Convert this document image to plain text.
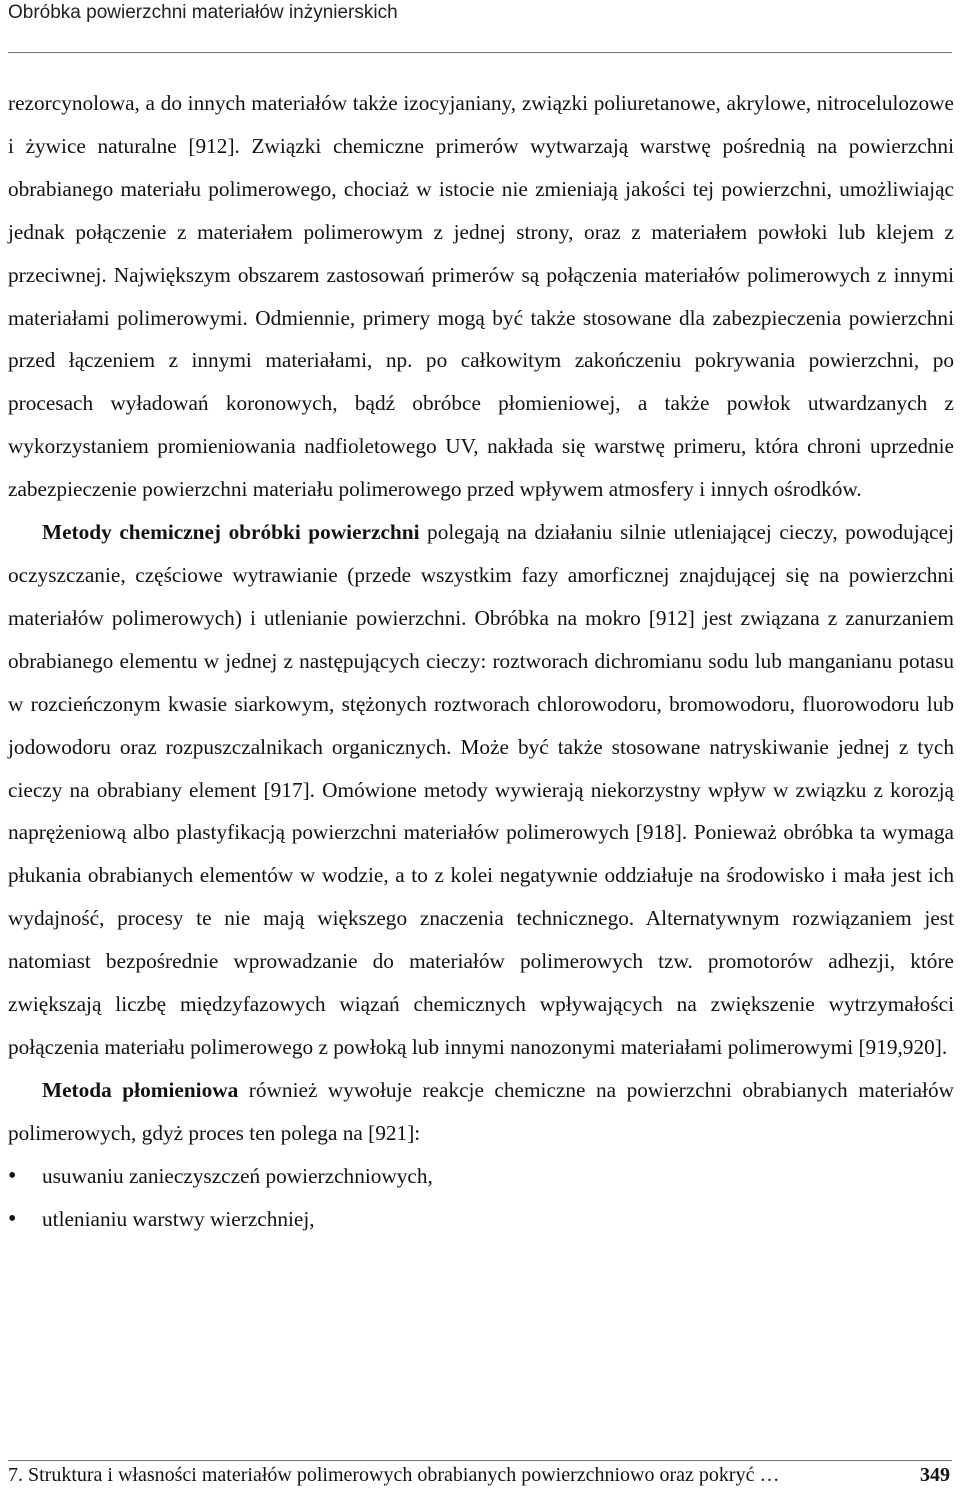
Obróbka powierzchni materiałów inżynierskich

rezorcynolowa, a do innych materiałów także izocyjaniany, związki poliuretanowe, akrylowe, nitrocelulozowe i żywice naturalne [912]. Związki chemiczne primerów wytwarzają warstwę pośrednią na powierzchni obrabianego materiału polimerowego, chociaż w istocie nie zmieniają jakości tej powierzchni, umożliwiając jednak połączenie z materiałem polimerowym z jednej strony, oraz z materiałem powłoki lub klejem z przeciwnej. Największym obszarem zastosowań primerów są połączenia materiałów polimerowych z innymi materiałami polimerowymi. Odmiennie, primery mogą być także stosowane dla zabezpieczenia powierzchni przed łączeniem z innymi materiałami, np. po całkowitym zakończeniu pokrywania powierzchni, po procesach wyładowań koronowych, bądź obróbce płomieniowej, a także powłok utwardzanych z wykorzystaniem promieniowania nadfioletowego UV, nakłada się warstwę primeru, która chroni uprzednie zabezpieczenie powierzchni materiału polimerowego przed wpływem atmosfery i innych ośrodków.

Metody chemicznej obróbki powierzchni polegają na działaniu silnie utleniającej cieczy, powodującej oczyszczanie, częściowe wytrawianie (przede wszystkim fazy amorficznej znajdującej się na powierzchni materiałów polimerowych) i utlenianie powierzchni. Obróbka na mokro [912] jest związana z zanurzaniem obrabianego elementu w jednej z następujących cieczy: roztworach dichromianu sodu lub manganianu potasu w rozcieńczonym kwasie siarkowym, stężonych roztworach chlorowodoru, bromowodoru, fluorowodoru lub jodowodoru oraz rozpuszczalnikach organicznych. Może być także stosowane natryskiwanie jednej z tych cieczy na obrabiany element [917]. Omówione metody wywierają niekorzystny wpływ w związku z korozją naprężeniową albo plastyfikacją powierzchni materiałów polimerowych [918]. Ponieważ obróbka ta wymaga płukania obrabianych elementów w wodzie, a to z kolei negatywnie oddziałuje na środowisko i mała jest ich wydajność, procesy te nie mają większego znaczenia technicznego. Alternatywnym rozwiązaniem jest natomiast bezpośrednie wprowadzanie do materiałów polimerowych tzw. promotorów adhezji, które zwiększają liczbę międzyfazowych wiązań chemicznych wpływających na zwiększenie wytrzymałości połączenia materiału polimerowego z powłoką lub innymi nanozonymi materiałami polimerowymi [919,920].

Metoda płomieniowa również wywołuje reakcje chemiczne na powierzchni obrabianych materiałów polimerowych, gdyż proces ten polega na [921]:

• usuwaniu zanieczyszczeń powierzchniowych,
• utlenianiu warstwy wierzchniej,
7. Struktura i własności materiałów polimerowych obrabianych powierzchniowo oraz pokryć …	349
